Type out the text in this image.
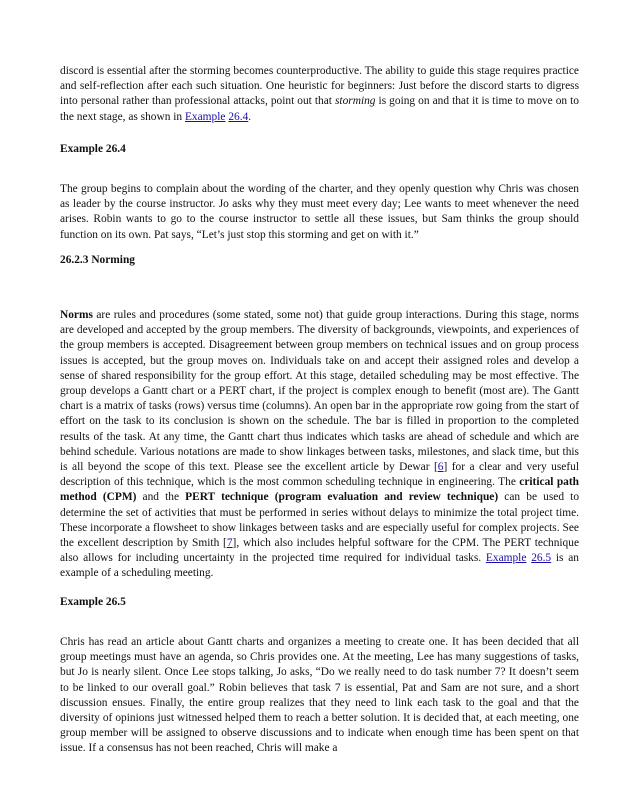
discord is essential after the storming becomes counterproductive. The ability to guide this stage requires practice and self-reflection after each such situation. One heuristic for beginners: Just before the discord starts to digress into personal rather than professional attacks, point out that storming is going on and that it is time to move on to the next stage, as shown in Example 26.4.

Example 26.4

The group begins to complain about the wording of the charter, and they openly question why Chris was chosen as leader by the course instructor. Jo asks why they must meet every day; Lee wants to meet whenever the need arises. Robin wants to go to the course instructor to settle all these issues, but Sam thinks the group should function on its own. Pat says, “Let’s just stop this storming and get on with it.”

26.2.3 Norming

Norms are rules and procedures (some stated, some not) that guide group interactions. During this stage, norms are developed and accepted by the group members. The diversity of backgrounds, viewpoints, and experiences of the group members is accepted. Disagreement between group members on technical issues and on group process issues is accepted, but the group moves on. Individuals take on and accept their assigned roles and develop a sense of shared responsibility for the group effort. At this stage, detailed scheduling may be most effective. The group develops a Gantt chart or a PERT chart, if the project is complex enough to benefit (most are). The Gantt chart is a matrix of tasks (rows) versus time (columns). An open bar in the appropriate row going from the start of effort on the task to its conclusion is shown on the schedule. The bar is filled in proportion to the completed results of the task. At any time, the Gantt chart thus indicates which tasks are ahead of schedule and which are behind schedule. Various notations are made to show linkages between tasks, milestones, and slack time, but this is all beyond the scope of this text. Please see the excellent article by Dewar [6] for a clear and very useful description of this technique, which is the most common scheduling technique in engineering. The critical path method (CPM) and the PERT technique (program evaluation and review technique) can be used to determine the set of activities that must be performed in series without delays to minimize the total project time. These incorporate a flowsheet to show linkages between tasks and are especially useful for complex projects. See the excellent description by Smith [7], which also includes helpful software for the CPM. The PERT technique also allows for including uncertainty in the projected time required for individual tasks. Example 26.5 is an example of a scheduling meeting.

Example 26.5

Chris has read an article about Gantt charts and organizes a meeting to create one. It has been decided that all group meetings must have an agenda, so Chris provides one. At the meeting, Lee has many suggestions of tasks, but Jo is nearly silent. Once Lee stops talking, Jo asks, “Do we really need to do task number 7? It doesn’t seem to be linked to our overall goal.” Robin believes that task 7 is essential, Pat and Sam are not sure, and a short discussion ensues. Finally, the entire group realizes that they need to link each task to the goal and that the diversity of opinions just witnessed helped them to reach a better solution. It is decided that, at each meeting, one group member will be assigned to observe discussions and to indicate when enough time has been spent on that issue. If a consensus has not been reached, Chris will make a
